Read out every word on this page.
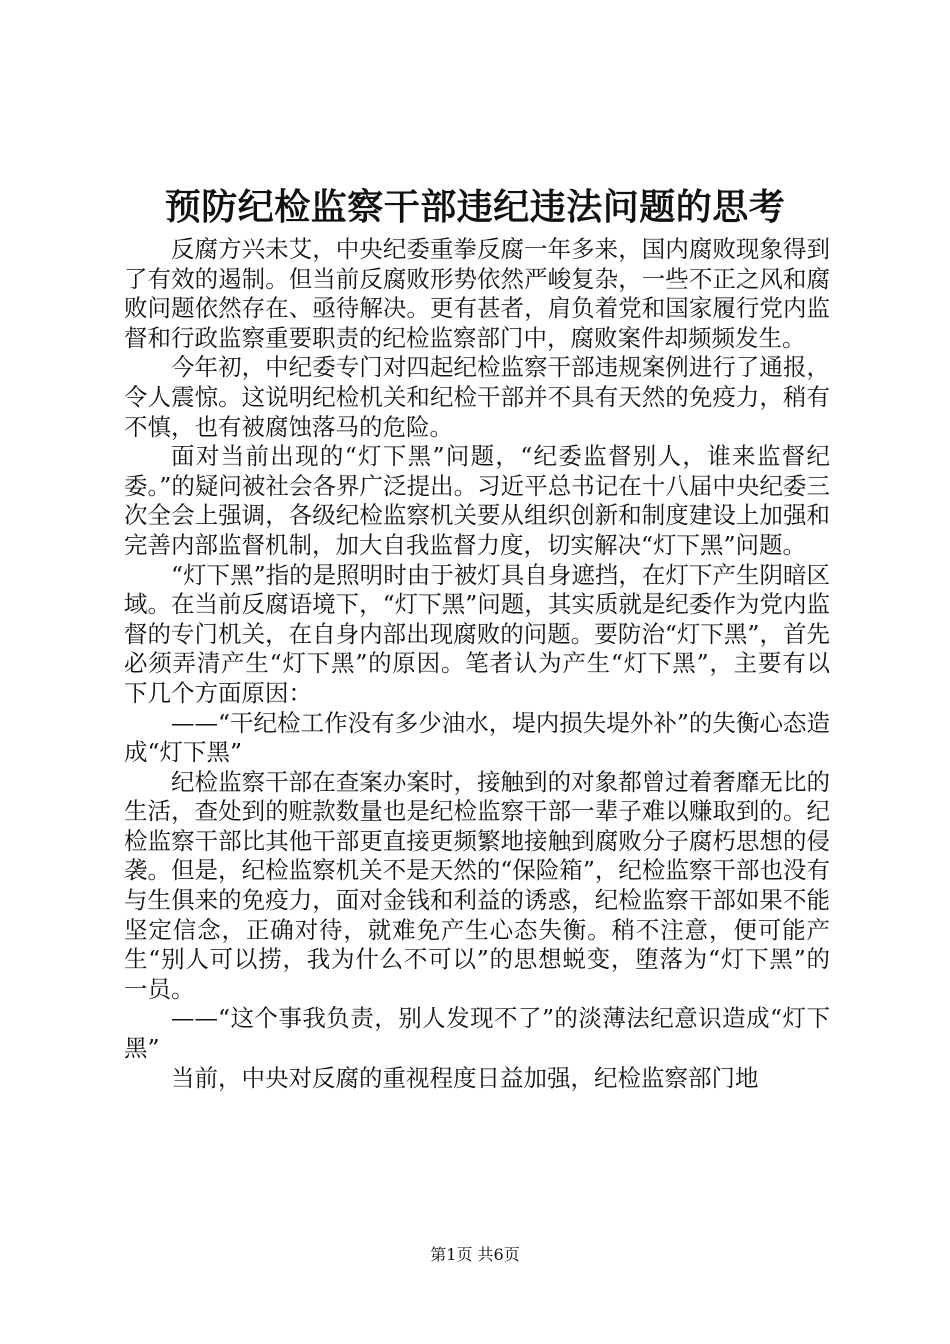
预防纪检监察干部违纪违法问题的思考

反腐方兴未艾，中央纪委重拳反腐一年多来，国内腐败现象得到了有效的遏制。但当前反腐败形势依然严峻复杂，一些不正之风和腐败问题依然存在、亟待解决。更有甚者，肩负着党和国家履行党内监督和行政监察重要职责的纪检监察部门中，腐败案件却频频发生。

今年初，中纪委专门对四起纪检监察干部违规案例进行了通报，令人震惊。这说明纪检机关和纪检干部并不具有天然的免疫力，稍有不慎，也有被腐蚀落马的危险。

面对当前出现的“灯下黑”问题，“纪委监督别人，谁来监督纪委。”的疑问被社会各界广泛提出。习近平总书记在十八届中央纪委三次全会上强调，各级纪检监察机关要从组织创新和制度建设上加强和完善内部监督机制，加大自我监督力度，切实解决“灯下黑”问题。

“灯下黑”指的是照明时由于被灯具自身遮挡，在灯下产生阴暗区域。在当前反腐语境下，“灯下黑”问题，其实质就是纪委作为党内监督的专门机关，在自身内部出现腐败的问题。要防治“灯下黑”，首先必须弄清产生“灯下黑”的原因。笔者认为产生“灯下黑”，主要有以下几个方面原因：

——“干纪检工作没有多少油水，堤内损失堤外补”的失衡心态造成“灯下黑”

纪检监察干部在查案办案时，接触到的对象都曾过着奢靡无比的生活，查处到的赃款数量也是纪检监察干部一辈子难以赚取到的。纪检监察干部比其他干部更直接更频繁地接触到腐败分子腐朽思想的侵袭。但是，纪检监察机关不是天然的“保险箱”，纪检监察干部也没有与生俱来的免疫力，面对金钱和利益的诱惑，纪检监察干部如果不能坚定信念，正确对待，就难免产生心态失衡。稍不注意，便可能产生“别人可以捞，我为什么不可以”的思想蜕变，堕落为“灯下黑”的一员。

——“这个事我负责，别人发现不了”的淡薄法纪意识造成“灯下黑”

当前，中央对反腐的重视程度日益加强，纪检监察部门地

第1页 共6页
